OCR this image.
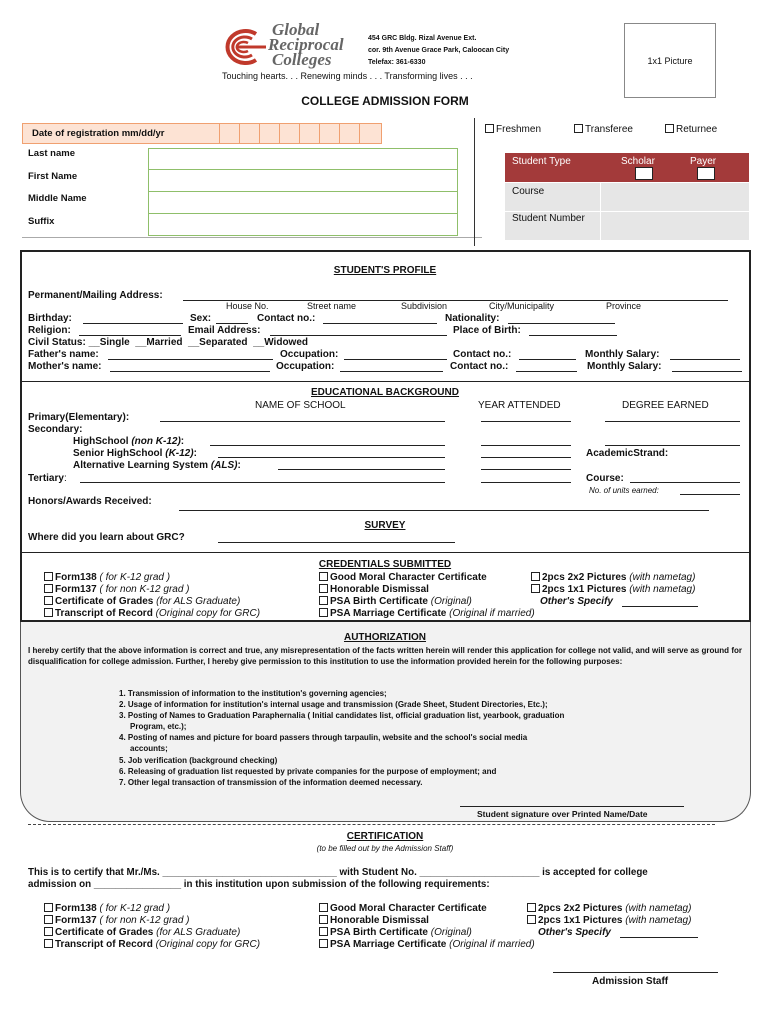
Global
Reciprocal
Colleges
454 GRC Bldg. Rizal Avenue Ext.
cor. 9th Avenue Grace Park, Caloocan City
Telefax: 361-6330
Touching hearts. . . Renewing minds . . . Transforming lives . . .
1x1 Picture
COLLEGE ADMISSION FORM
Date of registration mm/dd/yr
Last name
First Name
Middle Name
Suffix
Freshmen	Transferee	Returnee
Student Type	Scholar	Payer
Course
Student Number
STUDENT'S PROFILE
Permanent/Mailing Address:
House No.	Street name	Subdivision	City/Municipality	Province
Birthday:	Sex:	Contact no.:	Nationality:
Religion:	Email Address:	Place of Birth:
Civil Status: __Single  __Married  __Separated  __Widowed
Father's name:	Occupation:	Contact no.:	Monthly Salary:
Mother's name:	Occupation:	Contact no.:	Monthly Salary:
EDUCATIONAL BACKGROUND
NAME OF SCHOOL	YEAR ATTENDED	DEGREE EARNED
Primary(Elementary):
Secondary:
HighSchool (non K-12):
Senior HighSchool (K-12):	AcademicStrand:
Alternative Learning System (ALS):
Tertiary:	Course:
No. of units earned:
Honors/Awards Received:
SURVEY
Where did you learn about GRC?
CREDENTIALS SUBMITTED
Form138 ( for K-12 grad )
Form137 ( for non K-12 grad )
Certificate of Grades (for ALS Graduate)
Transcript of Record (Original copy for GRC)
Good Moral Character Certificate
Honorable Dismissal
PSA Birth Certificate (Original)
PSA Marriage Certificate (Original if married)
2pcs 2x2 Pictures (with nametag)
2pcs 1x1 Pictures (with nametag)
Other's Specify
AUTHORIZATION
I hereby certify that the above information is correct and true, any misrepresentation of the facts written herein will render this application for college not valid, and will serve as ground for disqualification for college admission. Further, I hereby give permission to this institution to use the information provided herein for the following purposes:
1. Transmission of information to the institution's governing agencies;
2. Usage of information for institution's internal usage and transmission (Grade Sheet, Student Directories, Etc.);
3. Posting of Names to Graduation Paraphernalia ( Initial candidates list, official graduation list, yearbook, graduation
Program, etc.);
4. Posting of names and picture for board passers through tarpaulin, website and the school's social media
accounts;
5. Job verification (background checking)
6. Releasing of graduation list requested by private companies for the purpose of employment; and
7. Other legal transaction of transmission of the information deemed necessary.
Student signature over Printed Name/Date
CERTIFICATION
(to be filled out by the Admission Staff)
This is to certify that Mr./Ms. ________________________________ with Student No. ______________________ is accepted for college
admission on ________________ in this institution upon submission of the following requirements:
Form138 ( for K-12 grad )
Form137 ( for non K-12 grad )
Certificate of Grades (for ALS Graduate)
Transcript of Record (Original copy for GRC)
Good Moral Character Certificate
Honorable Dismissal
PSA Birth Certificate (Original)
PSA Marriage Certificate (Original if married)
2pcs 2x2 Pictures (with nametag)
2pcs 1x1 Pictures (with nametag)
Other's Specify
Admission Staff
